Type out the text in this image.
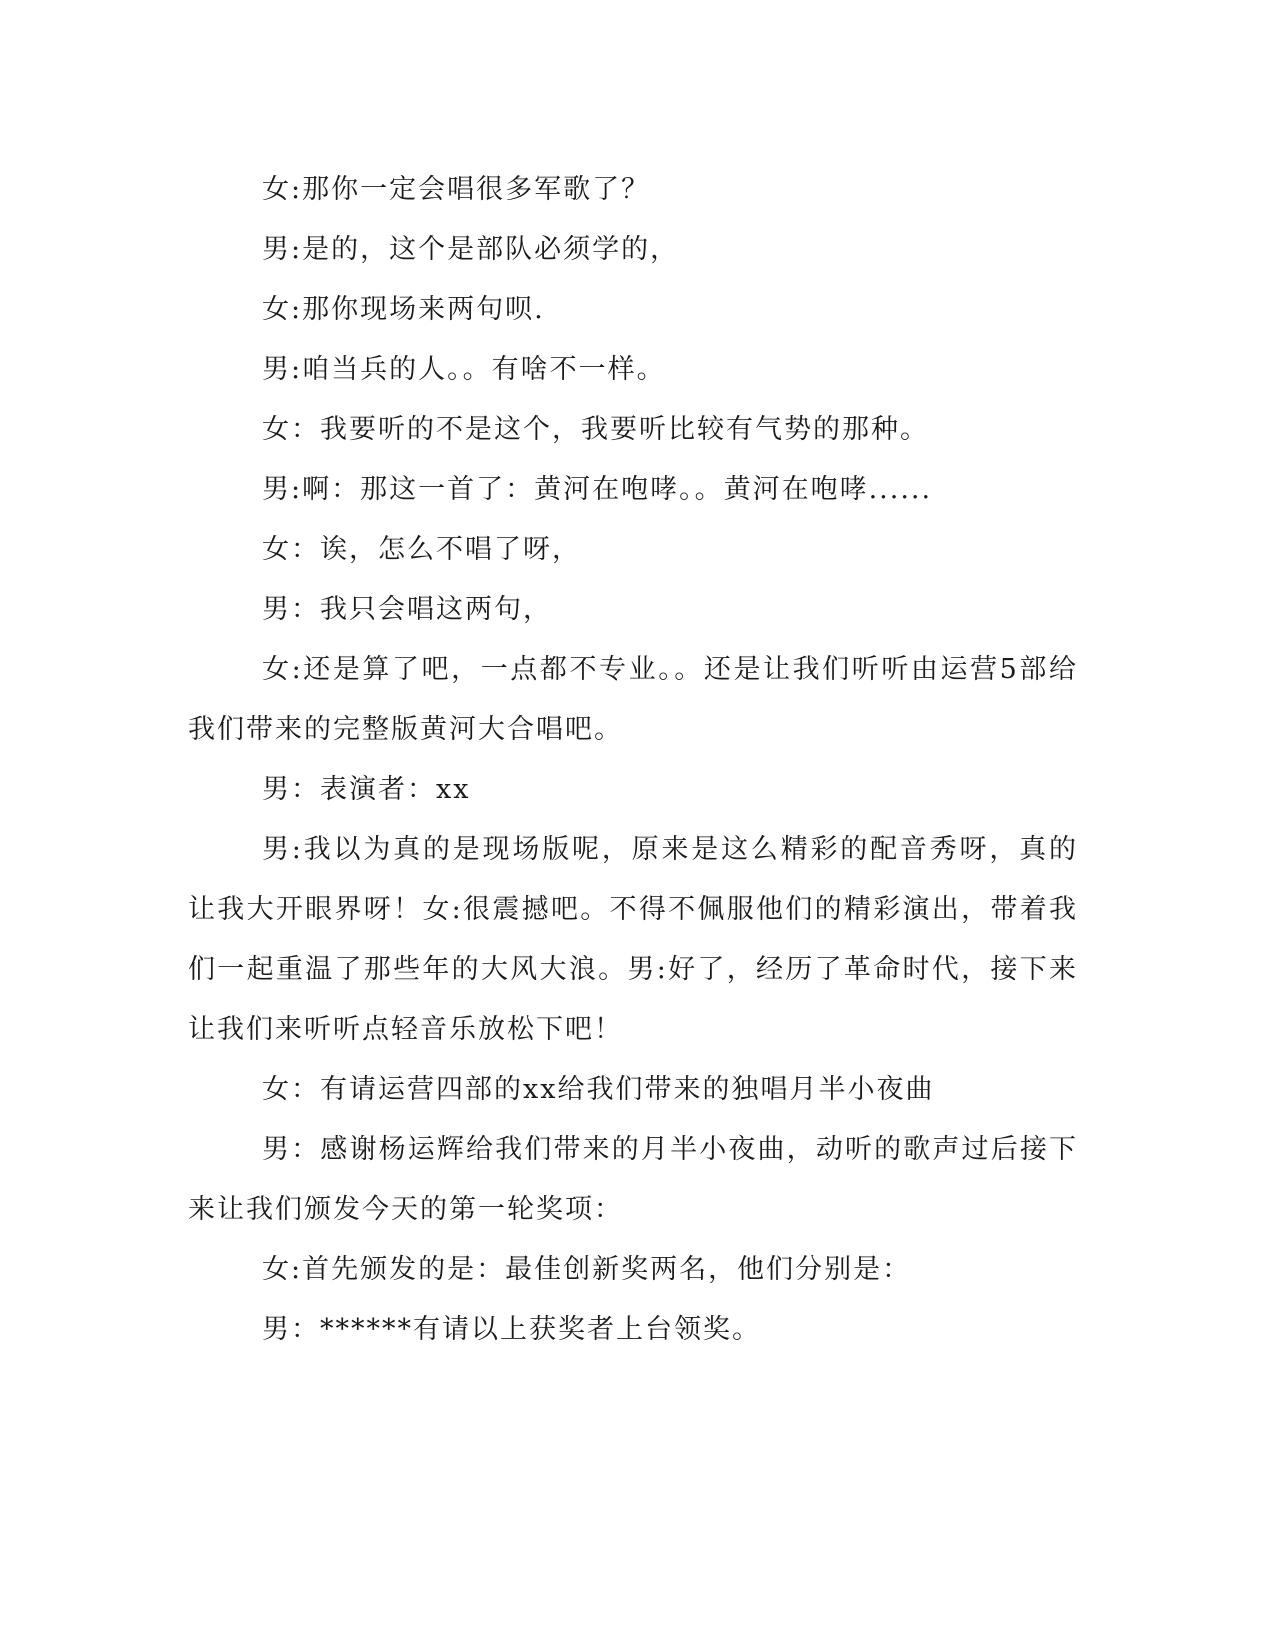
女:那你一定会唱很多军歌了？

男:是的，这个是部队必须学的，

女:那你现场来两句呗.

男:咱当兵的人。。有啥不一样。

女：我要听的不是这个，我要听比较有气势的那种。

男:啊：那这一首了：黄河在咆哮。。黄河在咆哮......

女：诶，怎么不唱了呀，

男：我只会唱这两句，

女:还是算了吧，一点都不专业。。还是让我们听听由运营5部给我们带来的完整版黄河大合唱吧。

男：表演者：xx

男:我以为真的是现场版呢，原来是这么精彩的配音秀呀，真的让我大开眼界呀！女:很震撼吧。不得不佩服他们的精彩演出，带着我们一起重温了那些年的大风大浪。男:好了，经历了革命时代，接下来让我们来听听点轻音乐放松下吧！

女：有请运营四部的xx给我们带来的独唱月半小夜曲

男：感谢杨运辉给我们带来的月半小夜曲，动听的歌声过后接下来让我们颁发今天的第一轮奖项：

女:首先颁发的是：最佳创新奖两名，他们分别是：

男：******有请以上获奖者上台领奖。
